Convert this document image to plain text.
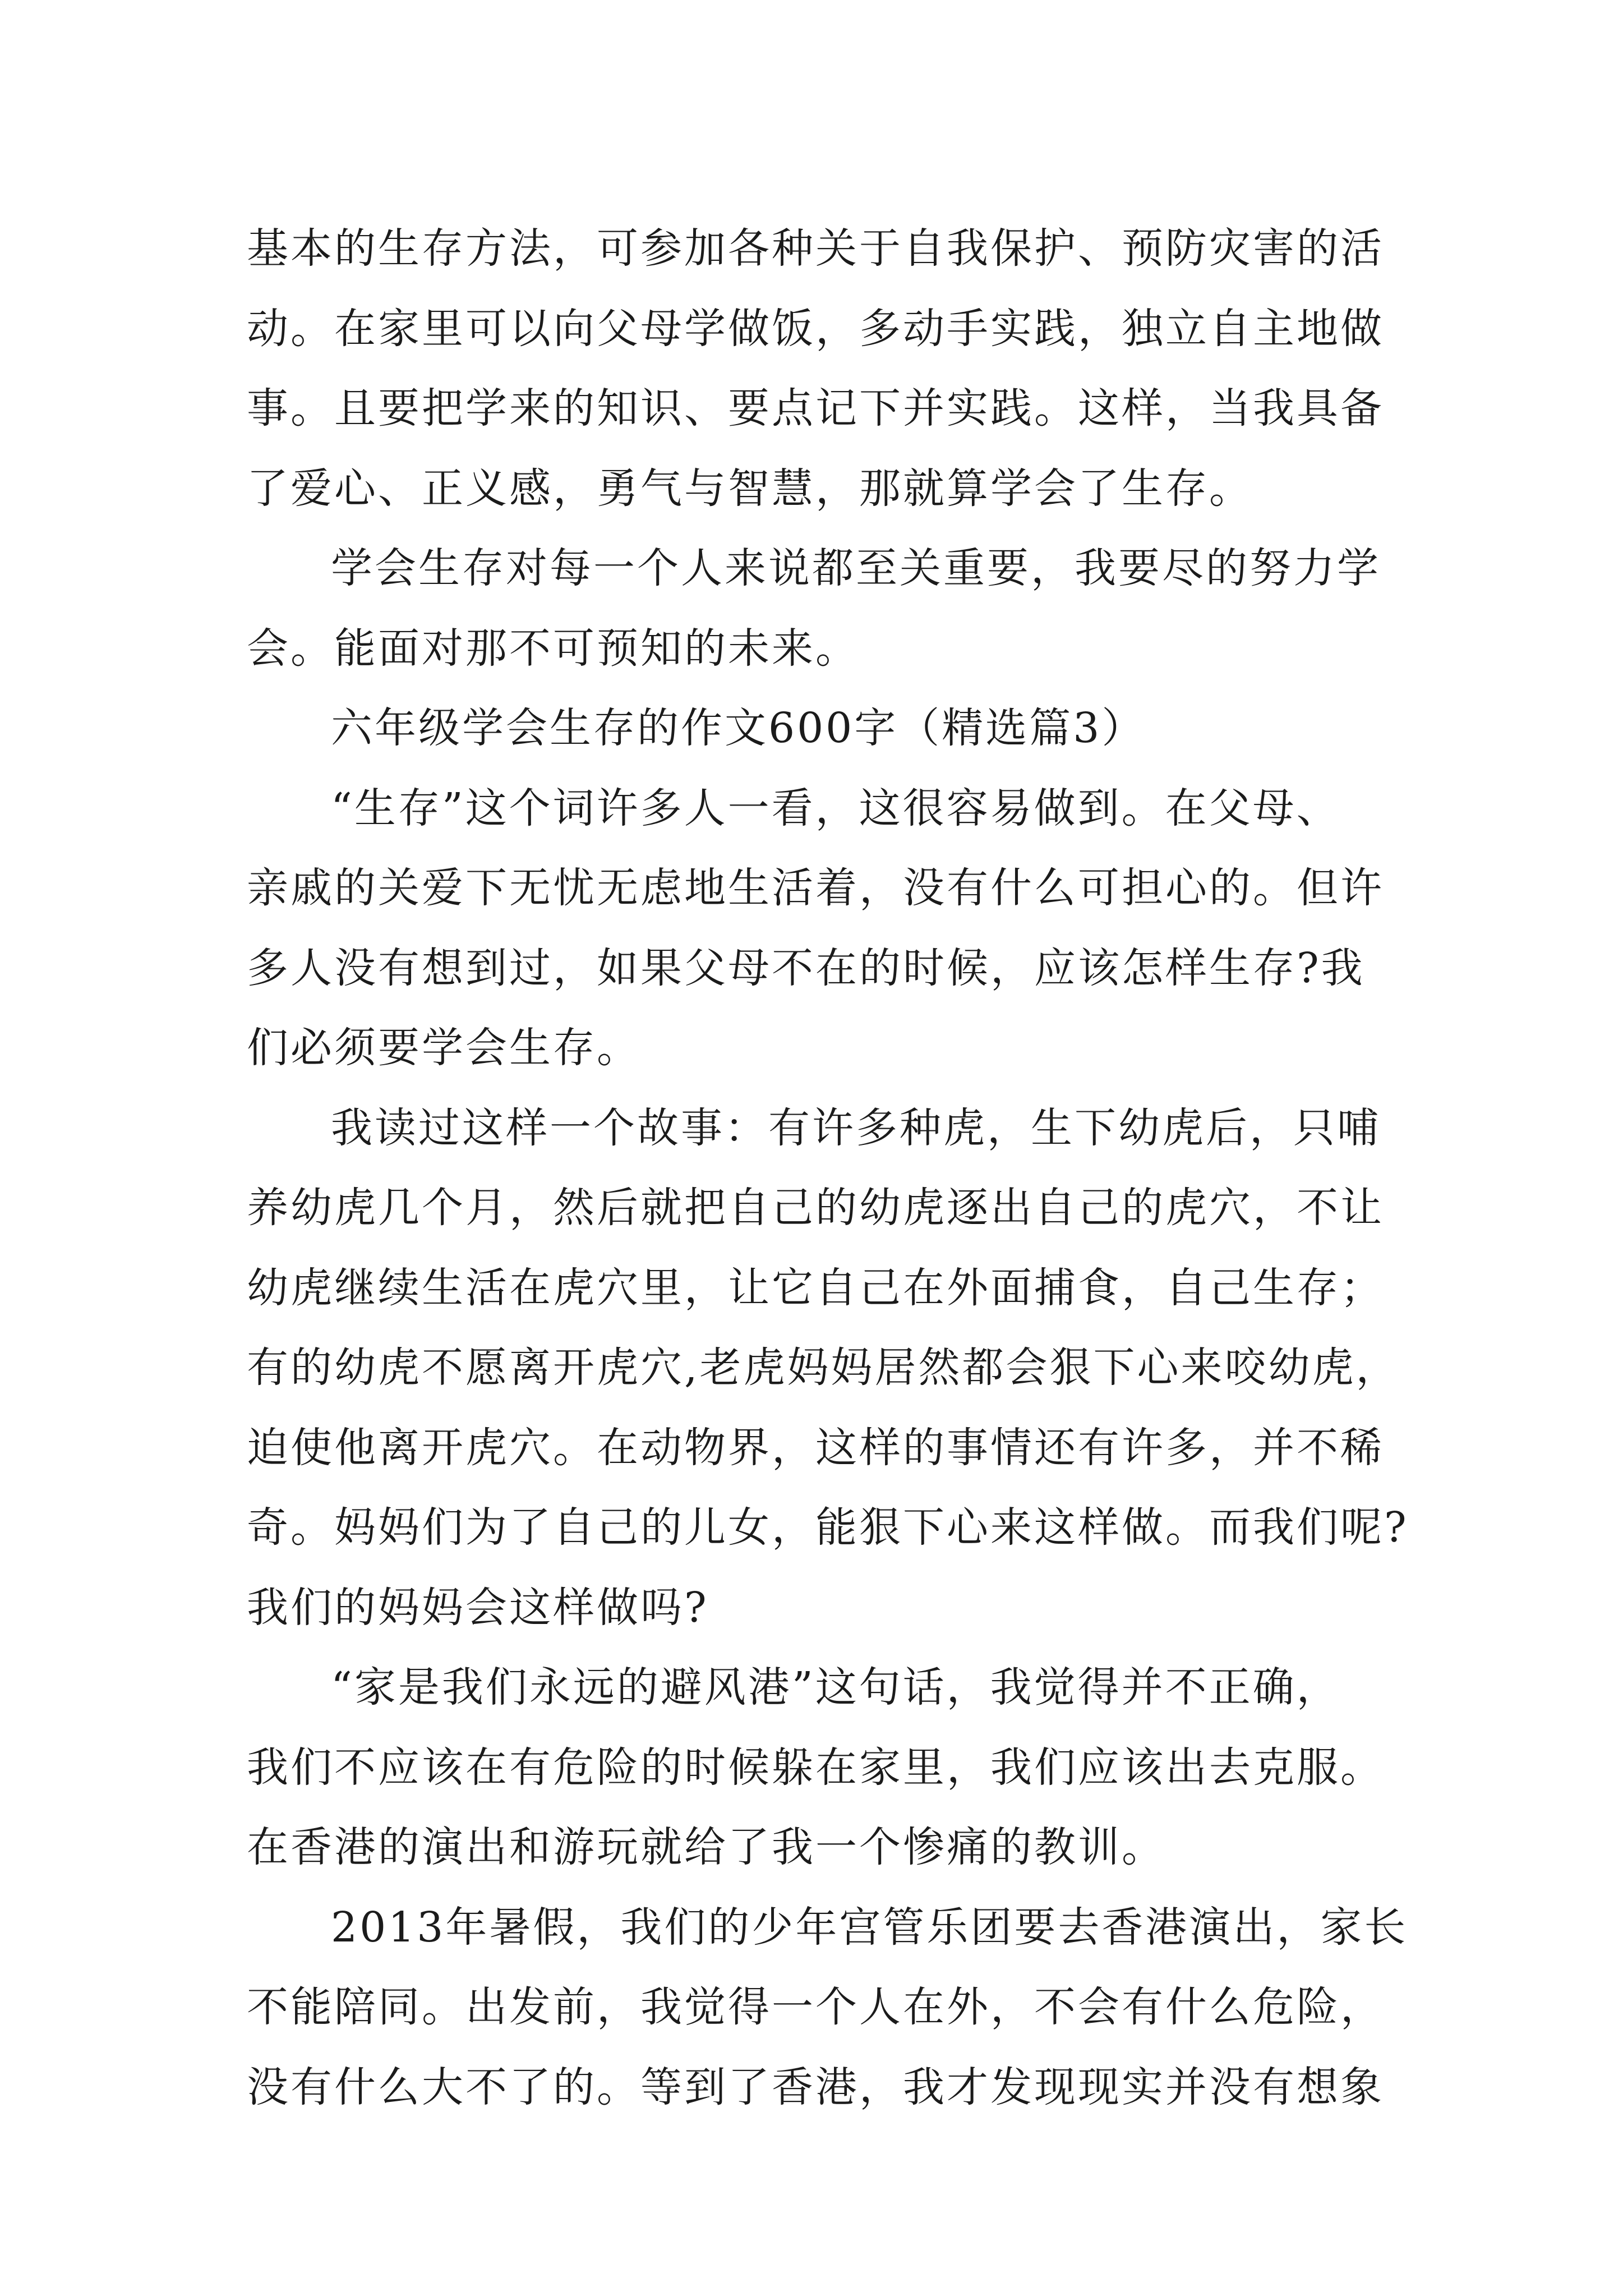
基本的生存方法，可参加各种关于自我保护、预防灾害的活
动。在家里可以向父母学做饭，多动手实践，独立自主地做
事。且要把学来的知识、要点记下并实践。这样，当我具备
了爱心、正义感，勇气与智慧，那就算学会了生存。
学会生存对每一个人来说都至关重要，我要尽的努力学
会。能面对那不可预知的未来。
六年级学会生存的作文600字（精选篇3）
“生存”这个词许多人一看，这很容易做到。在父母、
亲戚的关爱下无忧无虑地生活着，没有什么可担心的。但许
多人没有想到过，如果父母不在的时候，应该怎样生存?我
们必须要学会生存。
我读过这样一个故事：有许多种虎，生下幼虎后，只哺
养幼虎几个月，然后就把自己的幼虎逐出自己的虎穴，不让
幼虎继续生活在虎穴里，让它自己在外面捕食，自己生存；
有的幼虎不愿离开虎穴,老虎妈妈居然都会狠下心来咬幼虎，
迫使他离开虎穴。在动物界，这样的事情还有许多，并不稀
奇。妈妈们为了自己的儿女，能狠下心来这样做。而我们呢?
我们的妈妈会这样做吗?
“家是我们永远的避风港”这句话，我觉得并不正确，
我们不应该在有危险的时候躲在家里，我们应该出去克服。
在香港的演出和游玩就给了我一个惨痛的教训。
2013年暑假，我们的少年宫管乐团要去香港演出，家长
不能陪同。出发前，我觉得一个人在外，不会有什么危险，
没有什么大不了的。等到了香港，我才发现现实并没有想象
